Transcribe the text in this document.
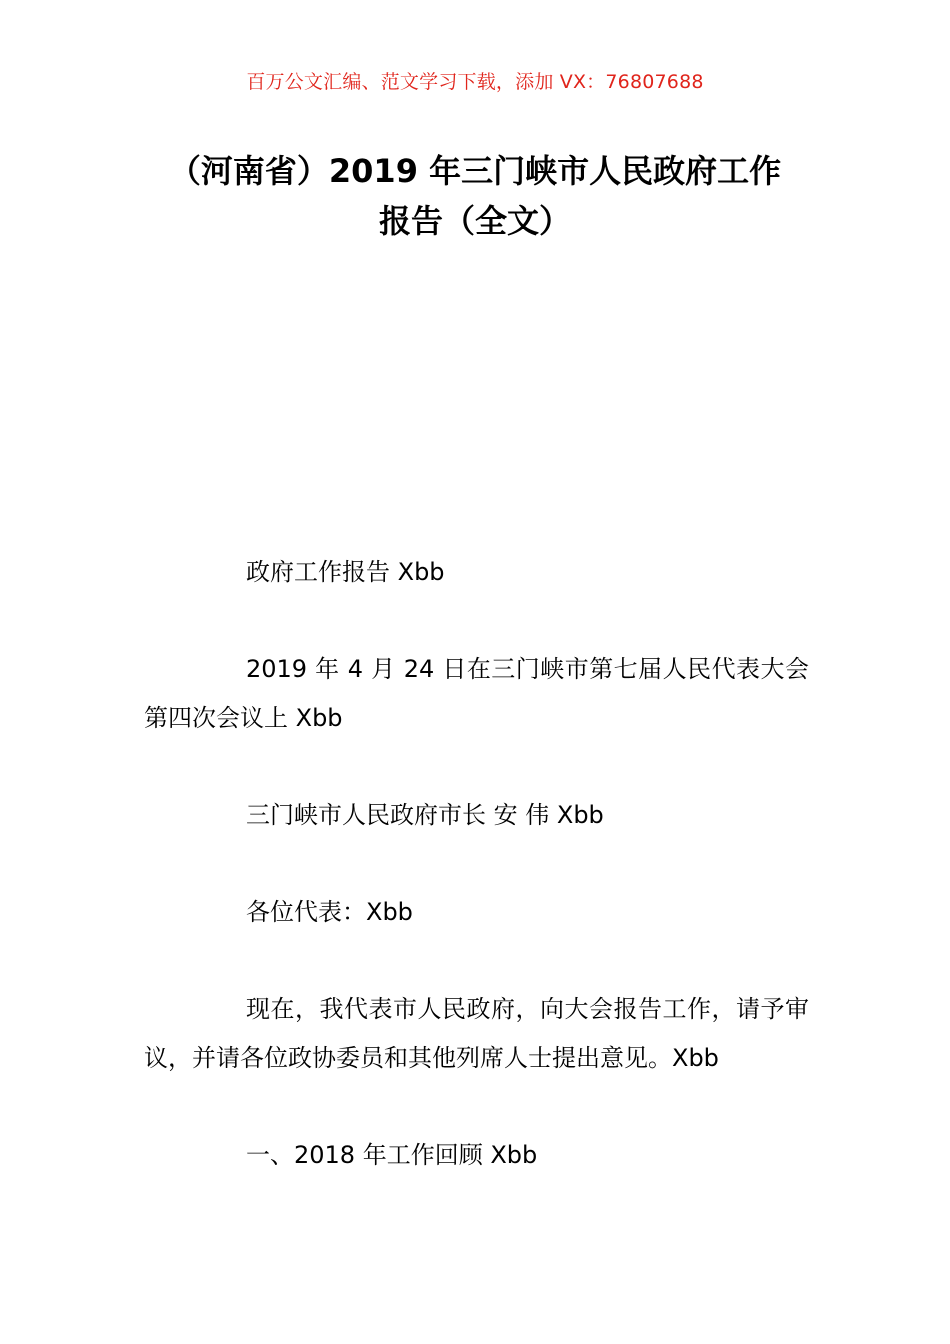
百万公文汇编、范文学习下载，添加 VX：76807688
（河南省）2019 年三门峡市人民政府工作
报告（全文）

政府工作报告 Xbb

2019 年 4 月 24 日在三门峡市第七届人民代表大会第四次会议上 Xbb

三门峡市人民政府市长 安 伟 Xbb

各位代表：Xbb

现在，我代表市人民政府，向大会报告工作，请予审议，并请各位政协委员和其他列席人士提出意见。Xbb

一、2018 年工作回顾 Xbb
